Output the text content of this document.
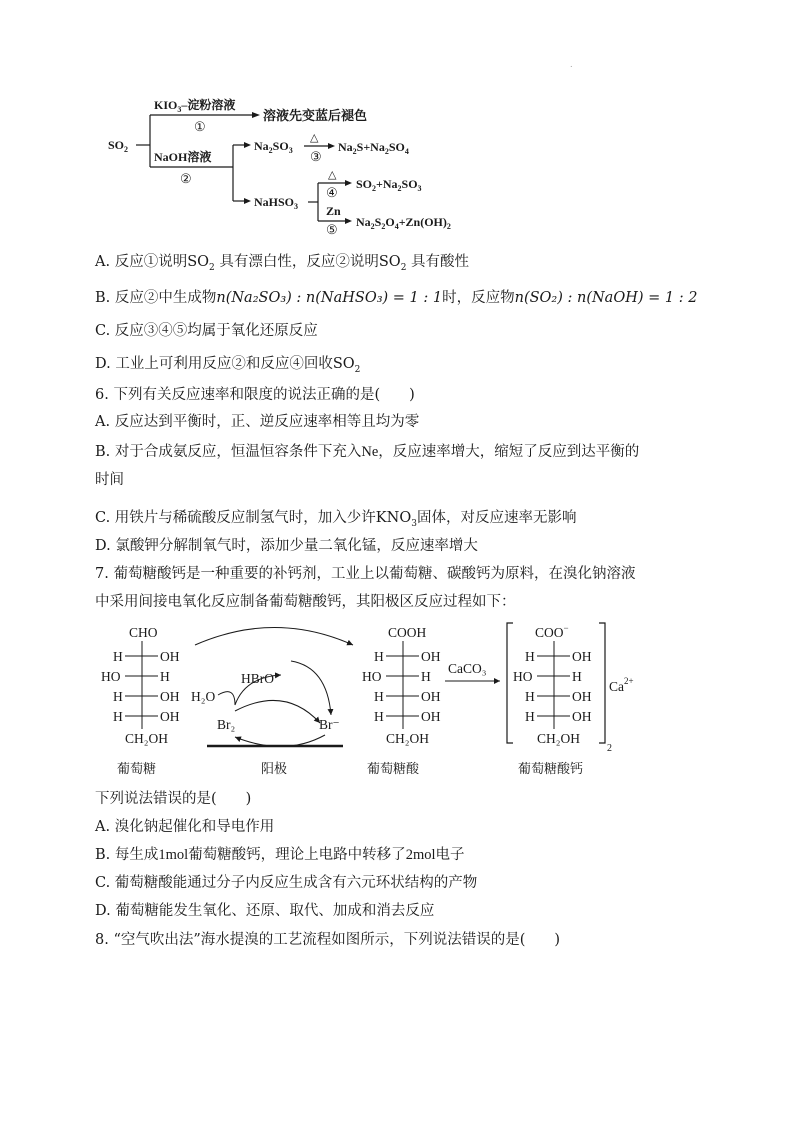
.
$SO_2$
$KIO_3-$淀粉溶液
①
溶液先变蓝后褪色
NaOH溶液
②
$Na_2SO_3$
△
③
$Na_2S+Na_2SO_4$
NaHSO$_3$
△
④
$SO_2+Na_2SO_3$
Zn
⑤ $Na_2S_2O_4+Zn(OH)_2$
A. 反应①说明$SO_2$ 具有漂白性，反应②说明$SO_2$ 具有酸性
B. 反应②中生成物n(Na₂SO₃) : n(NaHSO₃) = 1 : 1时，反应物n(SO₂) : n(NaOH) = 1 : 2
C. 反应③④⑤均属于氧化还原反应
D. 工业上可利用反应②和反应④回收$SO_2$
6. 下列有关反应速率和限度的说法正确的是(　　)
A. 反应达到平衡时，正、逆反应速率相等且均为零
B. 对于合成氨反应，恒温恒容条件下充入Ne，反应速率增大，缩短了反应到达平衡的
时间
C. 用铁片与稀硫酸反应制氢气时，加入少许$KNO_3$固体，对反应速率无影响
D. 氯酸钾分解制氧气时，添加少量二氧化锰，反应速率增大
7. 葡萄糖酸钙是一种重要的补钙剂，工业上以葡萄糖、碳酸钙为原料，在溴化钠溶液
中采用间接电氧化反应制备葡萄糖酸钙，其阳极区反应过程如下：
CHO
H	OH
HO	H
H	OH
H	OH
CH₂OH
葡萄糖
HBrO
H₂O
Br₂	Br⁻
阳极
COOH
H	OH
HO	H
H	OH
H	OH
CH₂OH
葡萄糖酸
CaCO₃
COO−
H	OH
HO	H
H	OH
H	OH
CH₂OH
$Ca^{2+}$
2
葡萄糖酸钙
下列说法错误的是(　　)
A. 溴化钠起催化和导电作用
B. 每生成1mol葡萄糖酸钙，理论上电路中转移了2mol电子
C. 葡萄糖酸能通过分子内反应生成含有六元环状结构的产物
D. 葡萄糖能发生氧化、还原、取代、加成和消去反应
8. “空气吹出法”海水提溴的工艺流程如图所示，下列说法错误的是(　　)
